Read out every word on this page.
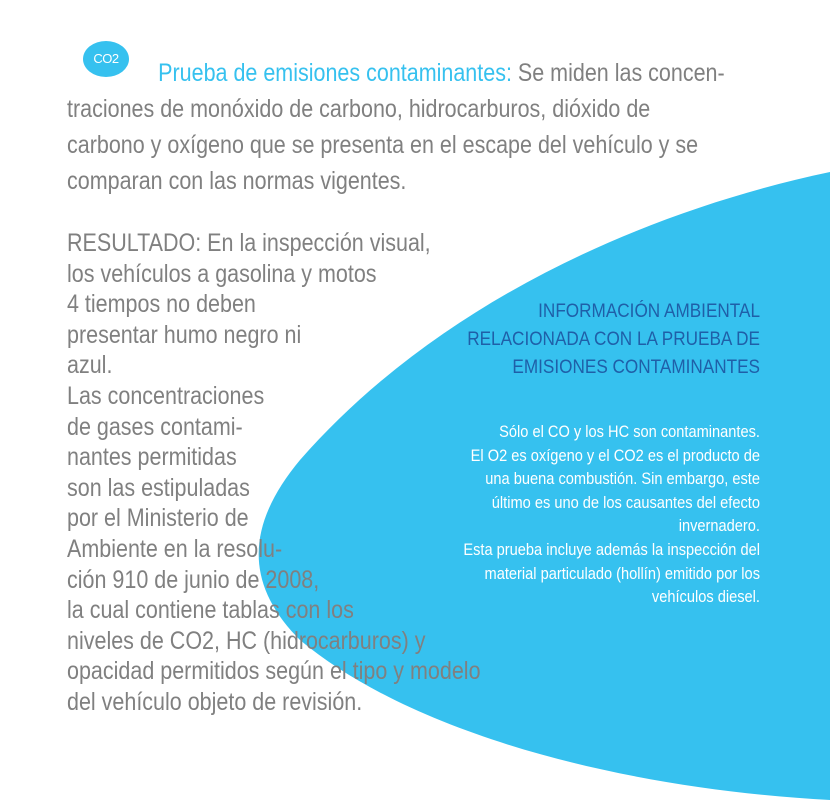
CO2

Prueba de emisiones contaminantes: Se miden las concen-

traciones de monóxido de carbono, hidrocarburos, dióxido de

carbono y oxígeno que se presenta en el escape del vehículo y se

comparan con las normas vigentes.

RESULTADO: En la inspección visual,
los vehículos a gasolina y motos
4 tiempos no deben
presentar humo negro ni
azul.
Las concentraciones
de gases contami-
nantes permitidas
son las estipuladas
por el Ministerio de
Ambiente en la resolu-
ción 910 de junio de 2008,
la cual contiene tablas con los
niveles de CO2, HC (hidrocarburos) y
opacidad permitidos según el tipo y modelo
del vehículo objeto de revisión.
INFORMACIÓN AMBIENTAL
RELACIONADA CON LA PRUEBA DE
EMISIONES CONTAMINANTES
Sólo el CO y los HC son contaminantes.
El O2 es oxígeno y el CO2 es el producto de
una buena combustión. Sin embargo, este
último es uno de los causantes del efecto
invernadero.
Esta prueba incluye además la inspección del
material particulado (hollín) emitido por los
vehículos diesel.
